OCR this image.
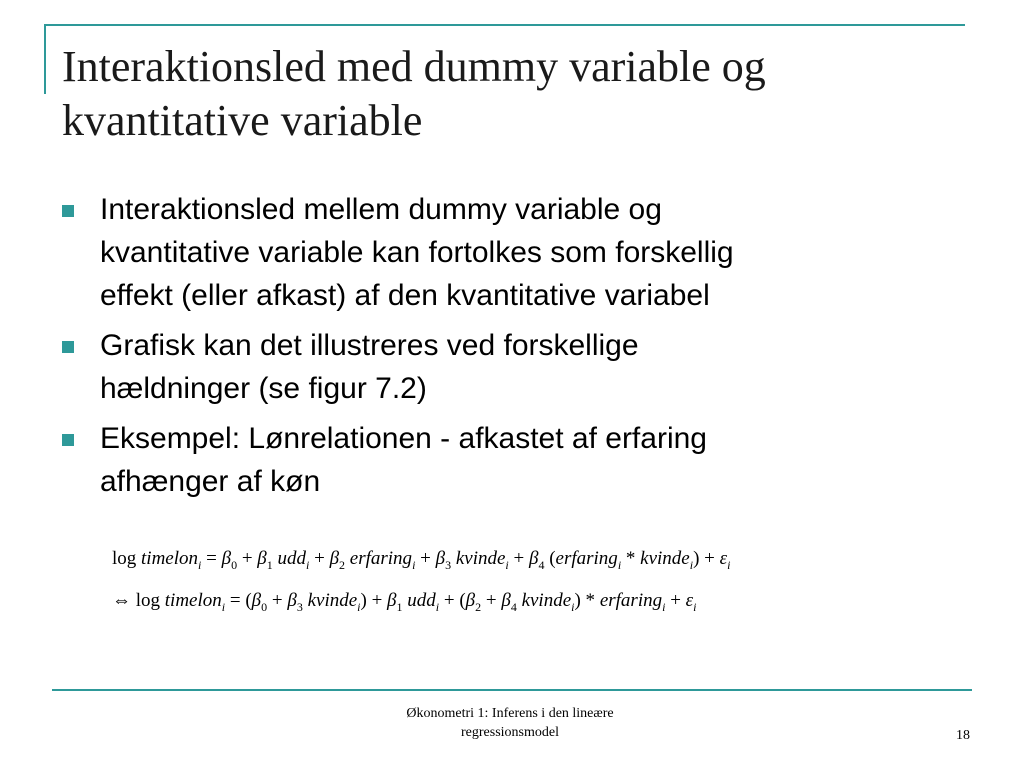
Interaktionsled med dummy variable og
kvantitative variable
Interaktionsled mellem dummy variable og
kvantitative variable kan fortolkes som forskellig
effekt (eller afkast) af den kvantitative variabel
Grafisk kan det illustreres ved forskellige
hældninger (se figur 7.2)
Eksempel: Lønrelationen - afkastet af erfaring
afhænger af køn
log timelon$_i$ = $\beta_0 + \beta_1$ $udd_i + \beta_2$ erfaring$_i$ + $\beta_3$ kvinde$_i$ + $\beta_4$ (erfaring$_i$ * kvinde$_i$) + $\varepsilon_i$
⇔ log timelon$_i$ = ($\beta_0 + \beta_3$ kvinde$_i$) + $\beta_1$ $udd_i + (\beta_2 + \beta_4$ kvinde$_i$) * erfaring$_i$ + $\varepsilon_i$
Økonometri 1: Inferens i den lineære
regressionsmodel	18
